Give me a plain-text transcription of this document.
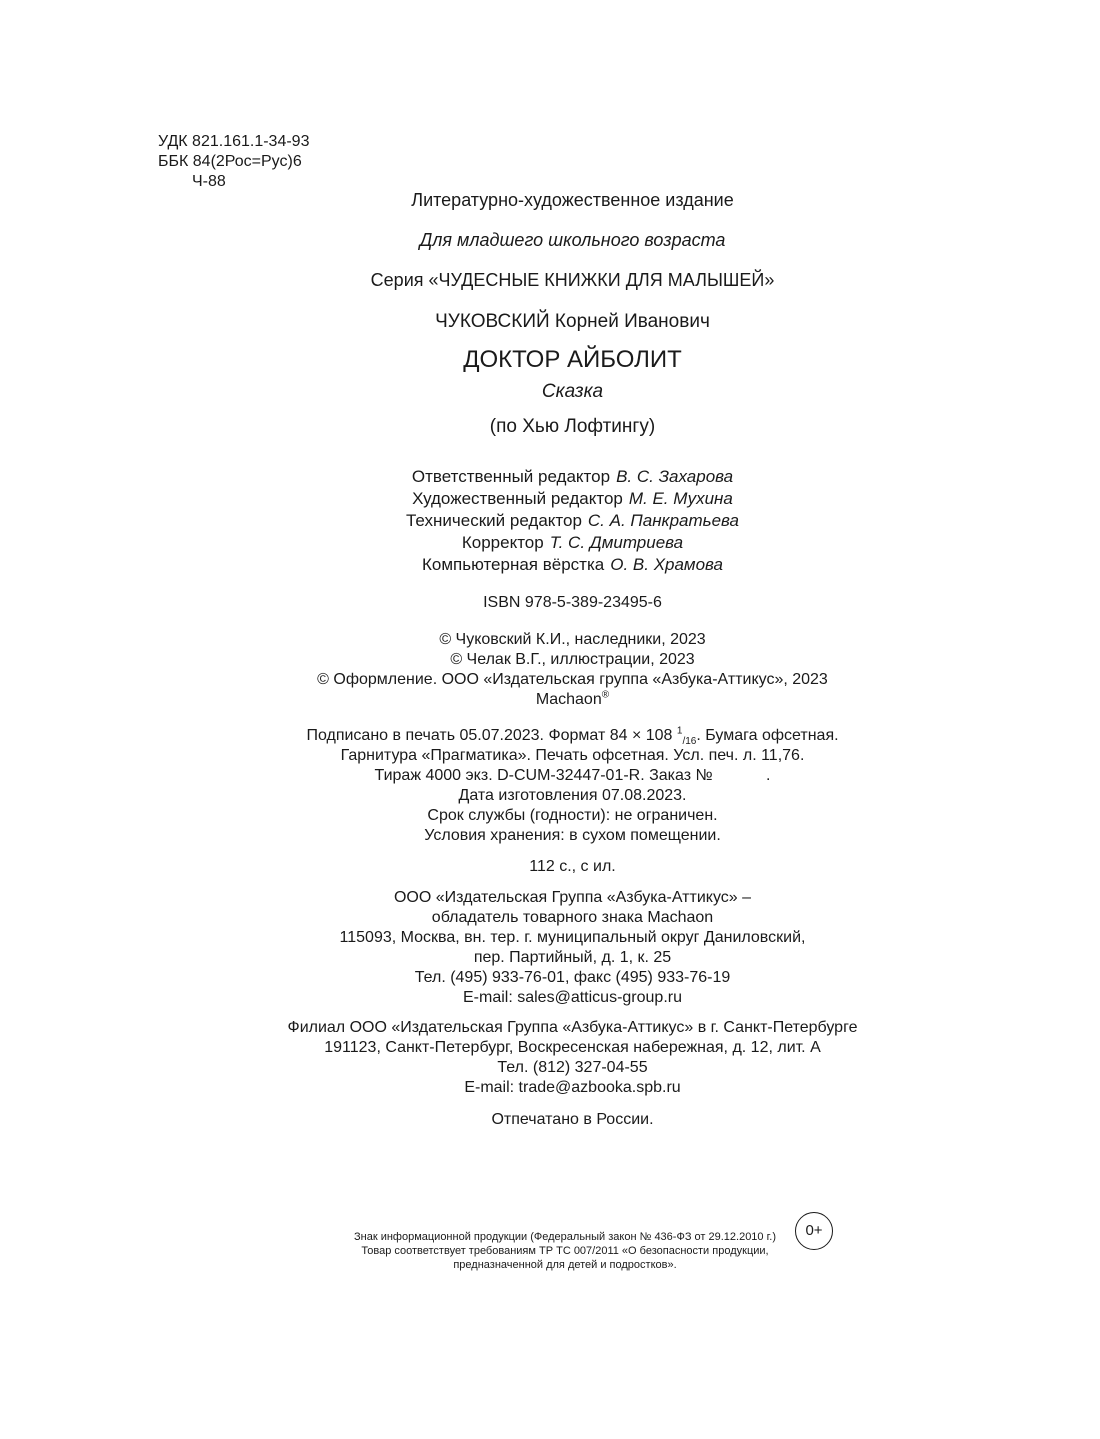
УДК 821.161.1-34-93
ББК 84(2Рос=Рус)6
Ч-88
Литературно-художественное издание
Для младшего школьного возраста
Серия «ЧУДЕСНЫЕ КНИЖКИ ДЛЯ МАЛЫШЕЙ»
ЧУКОВСКИЙ Корней Иванович
ДОКТОР АЙБОЛИТ
Сказка
(по Хью Лофтингу)
Ответственный редактор В. С. Захарова
Художественный редактор М. Е. Мухина
Технический редактор С. А. Панкратьева
Корректор Т. С. Дмитриева
Компьютерная вёрстка О. В. Храмова
ISBN 978-5-389-23495-6
© Чуковский К.И., наследники, 2023
© Челак В.Г., иллюстрации, 2023
© Оформление. ООО «Издательская группа «Азбука-Аттикус», 2023
Machaon®
Подписано в печать 05.07.2023. Формат 84 × 108 $^1_{/16}$. Бумага офсетная.
Гарнитура «Прагматика». Печать офсетная. Усл. печ. л. 11,76.
Тираж 4000 экз. D-CUM-32447-01-R. Заказ №            .
Дата изготовления 07.08.2023.
Срок службы (годности): не ограничен.
Условия хранения: в сухом помещении.
112 с., с ил.
ООО «Издательская Группа «Азбука-Аттикус» –
обладатель товарного знака Machaon
115093, Москва, вн. тер. г. муниципальный округ Даниловский,
пер. Партийный, д. 1, к. 25
Тел. (495) 933-76-01, факс (495) 933-76-19
E-mail: sales@atticus-group.ru
Филиал ООО «Издательская Группа «Азбука-Аттикус» в г. Санкт-Петербурге
191123, Санкт-Петербург, Воскресенская набережная, д. 12, лит. А
Тел. (812) 327-04-55
E-mail: trade@azbooka.spb.ru
Отпечатано в России.
Знак информационной продукции (Федеральный закон № 436-ФЗ от 29.12.2010 г.)
Товар соответствует требованиям ТР ТС 007/2011 «О безопасности продукции,
предназначенной для детей и подростков».
0+
